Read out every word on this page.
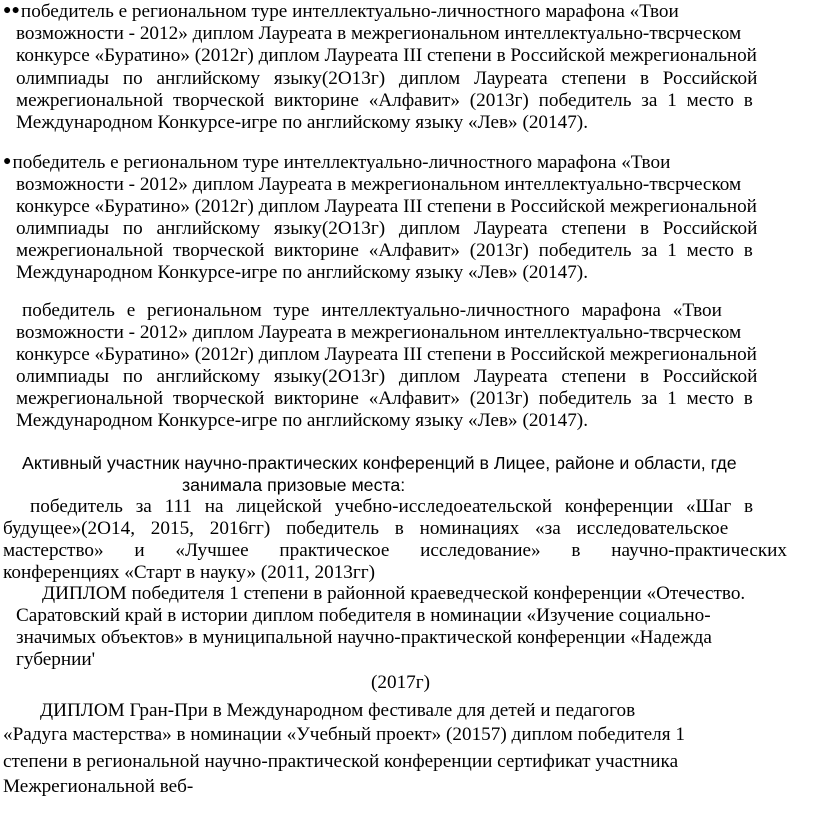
●●победитель е региональном туре интеллектуально-личностного марафона «Твои
возможности - 2012» диплом Лауреата в межрегиональном интеллектуально-твсрческом
конкурсе «Буратино» (2012г) диплом Лауреата III степени в Российской межрегиональной
олимпиады по английскому языку(2О13г) диплом Лауреата степени в Российской
межрегиональной творческой викторине «Алфавит» (2013г) победитель за 1 место в
Международном Конкурсе-игре по английскому языку «Лев» (20147).
●победитель е региональном туре интеллектуально-личностного марафона «Твои
возможности - 2012» диплом Лауреата в межрегиональном интеллектуально-твсрческом
конкурсе «Буратино» (2012г) диплом Лауреата III степени в Российской межрегиональной
олимпиады по английскому языку(2О13г) диплом Лауреата степени в Российской
межрегиональной творческой викторине «Алфавит» (2013г) победитель за 1 место в
Международном Конкурсе-игре по английскому языку «Лев» (20147).
победитель е региональном туре интеллектуально-личностного марафона «Твои
возможности - 2012» диплом Лауреата в межрегиональном интеллектуально-твсрческом
конкурсе «Буратино» (2012г) диплом Лауреата III степени в Российской межрегиональной
олимпиады по английскому языку(2О13г) диплом Лауреата степени в Российской
межрегиональной творческой викторине «Алфавит» (2013г) победитель за 1 место в
Международном Конкурсе-игре по английскому языку «Лев» (20147).
Активный участник научно-практических конференций в Лицее, районе и области, где
занимала призовые места:
победитель за 111 на лицейской учебно-исследоеательской конференции «Шаг в
будущее»(2О14, 2015, 2016гг) победитель в номинациях «за исследовательское
мастерство» и «Лучшее практическое исследование» в научно-практических
конференциях «Старт в науку» (2011, 2013гг)
ДИПЛОМ победителя 1 степени в районной краеведческой конференции «Отечество.
Саратовский край в истории диплом победителя в номинации «Изучение социально-
значимых объектов» в муниципальной научно-практической конференции «Надежда
губернии'
(2017г)
ДИПЛОМ Гран-При в Международном фестивале для детей и педагогов
«Радуга мастерства» в номинации «Учебный проект» (20157) диплом победителя 1
степени в региональной научно-практической конференции сертификат участника
Межрегиональной веб-
